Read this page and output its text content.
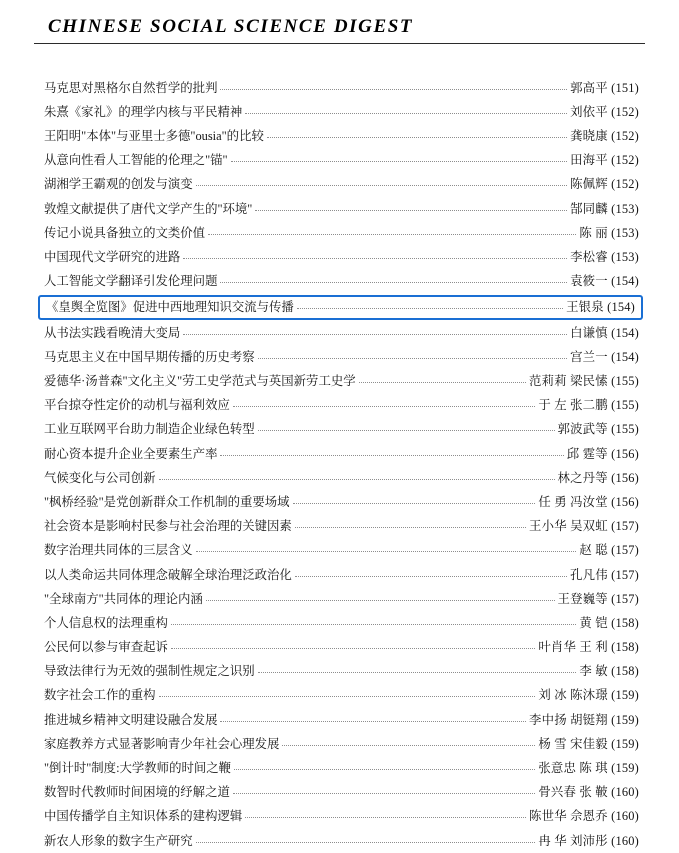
CHINESE SOCIAL SCIENCE DIGEST
马克思对黑格尔自然哲学的批判	郭高平 (151)
朱熹《家礼》的理学内核与平民精神	刘依平 (152)
王阳明"本体"与亚里士多德"ousia"的比较	龚晓康 (152)
从意向性看人工智能的伦理之"锚"	田海平 (152)
湖湘学王霸观的创发与演变	陈佩辉 (152)
敦煌文献提供了唐代文学产生的"环境"	郜同麟 (153)
传记小说具备独立的文类价值	陈 丽 (153)
中国现代文学研究的进路	李松睿 (153)
人工智能文学翻译引发伦理问题	袁筱一 (154)
《皇舆全览图》促进中西地理知识交流与传播	王银泉 (154)
从书法实践看晚清大变局	白谦慎 (154)
马克思主义在中国早期传播的历史考察	宫兰一 (154)
爱德华·汤普森"文化主义"劳工史学范式与英国新劳工史学	范莉莉 梁民愫 (155)
平台掠夺性定价的动机与福利效应	于 左 张二鹏 (155)
工业互联网平台助力制造企业绿色转型	郭波武等 (155)
耐心资本提升企业全要素生产率	邱 霆等 (156)
气候变化与公司创新	林之丹等 (156)
"枫桥经验"是党创新群众工作机制的重要场域	任 勇 冯汝堂 (156)
社会资本是影响村民参与社会治理的关键因素	王小华 吴双虹 (157)
数字治理共同体的三层含义	赵 聪 (157)
以人类命运共同体理念破解全球治理泛政治化	孔凡伟 (157)
"全球南方"共同体的理论内涵	王登巍等 (157)
个人信息权的法理重构	黄 铠 (158)
公民何以参与审查起诉	叶肖华 王 利 (158)
导致法律行为无效的强制性规定之识别	李 敏 (158)
数字社会工作的重构	刘 冰 陈沐璟 (159)
推进城乡精神文明建设融合发展	李中扬 胡铤翔 (159)
家庭教养方式显著影响青少年社会心理发展	杨 雪 宋佳毅 (159)
"倒计时"制度:大学教师的时间之鞭	张意忠 陈 琪 (159)
数智时代教师时间困境的纾解之道	骨兴春 张 鞁 (160)
中国传播学自主知识体系的建构逻辑	陈世华 佘恩乔 (160)
新农人形象的数字生产研究	冉 华 刘沛彤 (160)
